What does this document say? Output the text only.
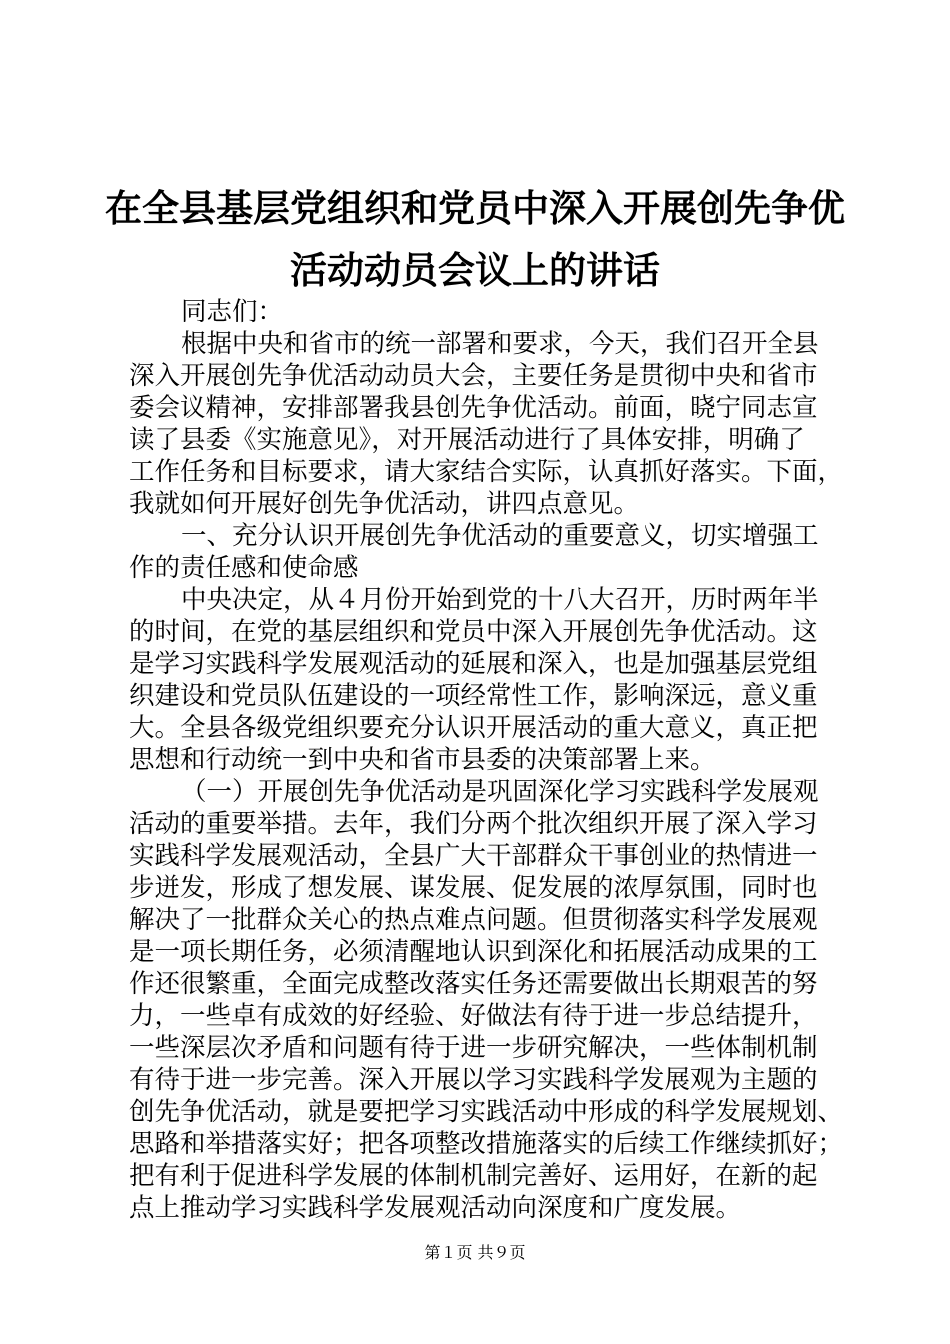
在全县基层党组织和党员中深入开展创先争优
活动动员会议上的讲话
同志们：
根据中央和省市的统一部署和要求，今天，我们召开全县
深入开展创先争优活动动员大会，主要任务是贯彻中央和省市
委会议精神，安排部署我县创先争优活动。前面，晓宁同志宣
读了县委《实施意见》，对开展活动进行了具体安排，明确了
工作任务和目标要求，请大家结合实际，认真抓好落实。下面，
我就如何开展好创先争优活动，讲四点意见。
一、充分认识开展创先争优活动的重要意义，切实增强工
作的责任感和使命感
中央决定，从４月份开始到党的十八大召开，历时两年半
的时间，在党的基层组织和党员中深入开展创先争优活动。这
是学习实践科学发展观活动的延展和深入，也是加强基层党组
织建设和党员队伍建设的一项经常性工作，影响深远，意义重
大。全县各级党组织要充分认识开展活动的重大意义，真正把
思想和行动统一到中央和省市县委的决策部署上来。
（一）开展创先争优活动是巩固深化学习实践科学发展观
活动的重要举措。去年，我们分两个批次组织开展了深入学习
实践科学发展观活动，全县广大干部群众干事创业的热情进一
步迸发，形成了想发展、谋发展、促发展的浓厚氛围，同时也
解决了一批群众关心的热点难点问题。但贯彻落实科学发展观
是一项长期任务，必须清醒地认识到深化和拓展活动成果的工
作还很繁重，全面完成整改落实任务还需要做出长期艰苦的努
力，一些卓有成效的好经验、好做法有待于进一步总结提升，
一些深层次矛盾和问题有待于进一步研究解决，一些体制机制
有待于进一步完善。深入开展以学习实践科学发展观为主题的
创先争优活动，就是要把学习实践活动中形成的科学发展规划、
思路和举措落实好；把各项整改措施落实的后续工作继续抓好；
把有利于促进科学发展的体制机制完善好、运用好，在新的起
点上推动学习实践科学发展观活动向深度和广度发展。
第１页 共９页
